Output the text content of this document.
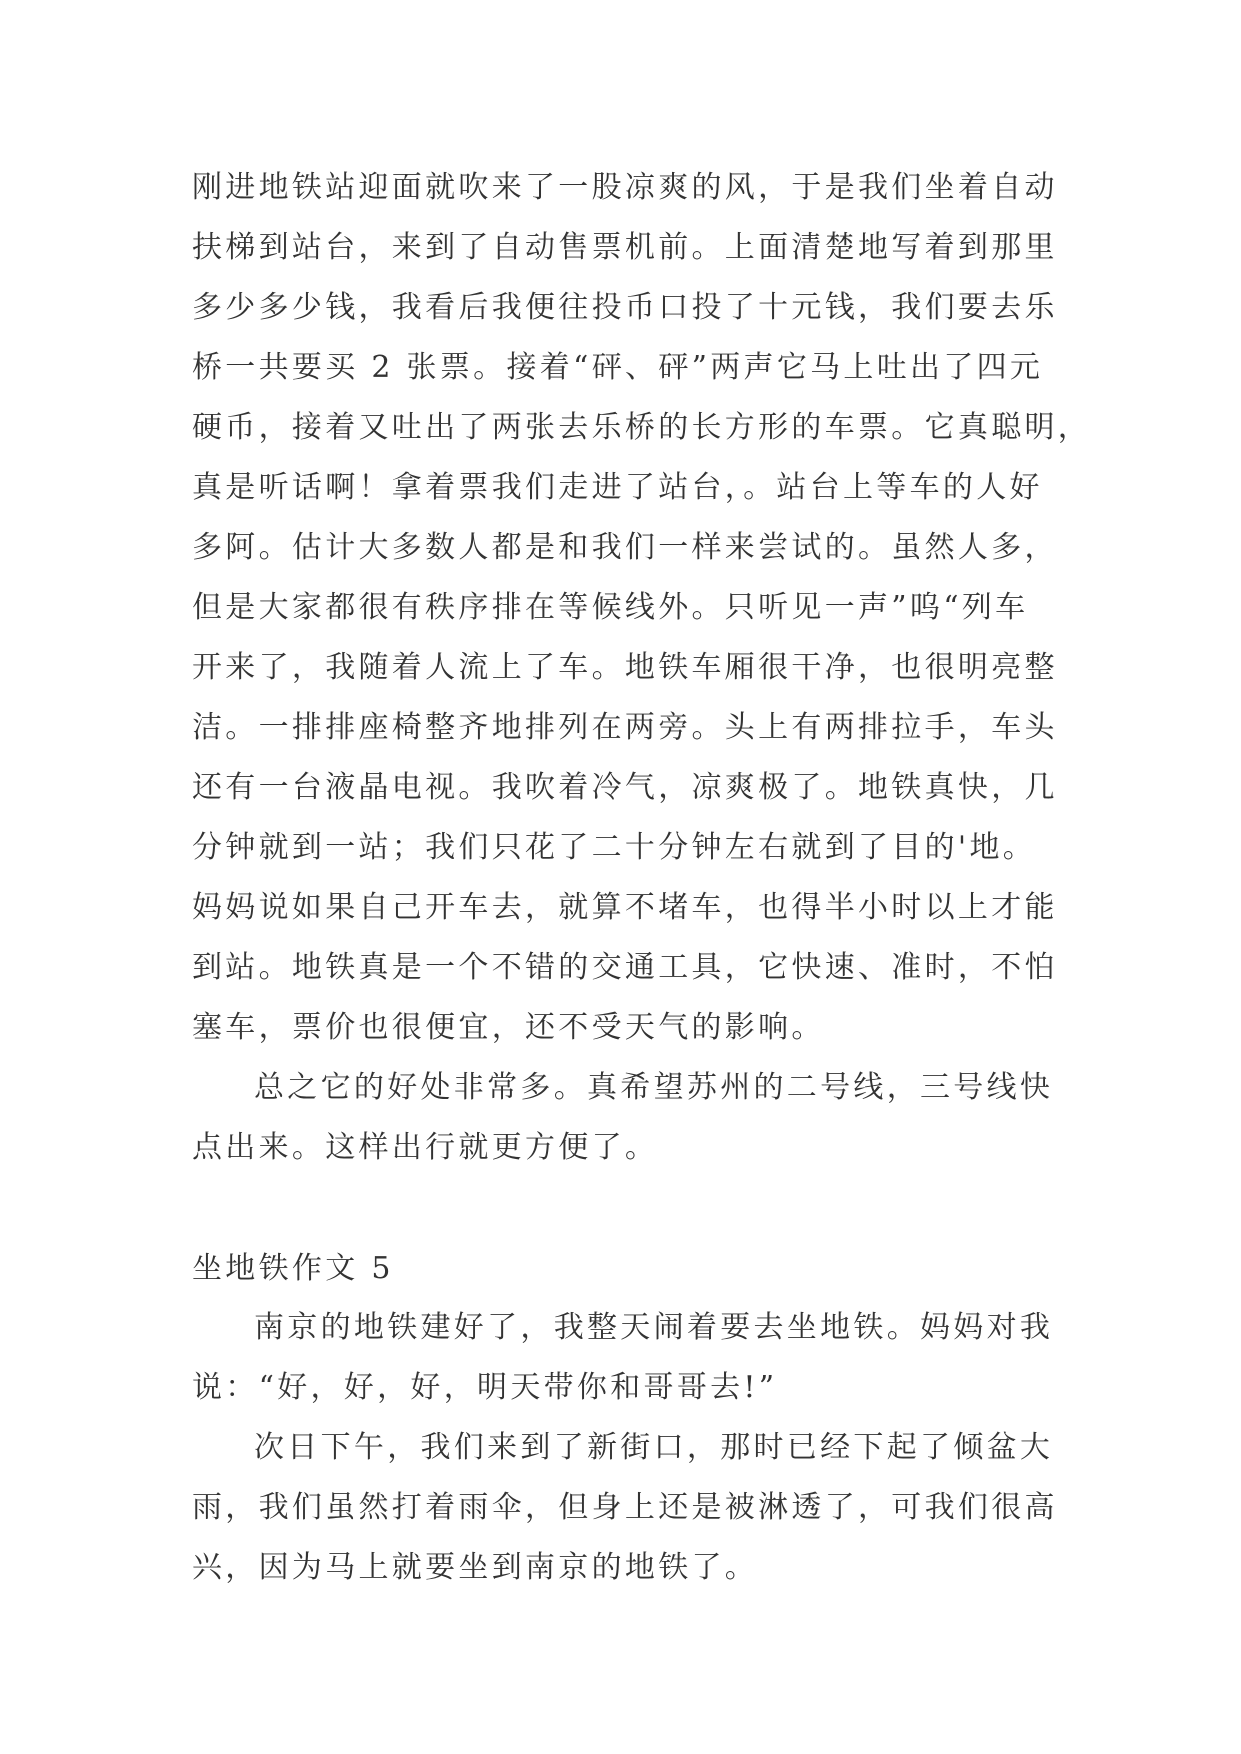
刚进地铁站迎面就吹来了一股凉爽的风，于是我们坐着自动
扶梯到站台，来到了自动售票机前。上面清楚地写着到那里
多少多少钱，我看后我便往投币口投了十元钱，我们要去乐
桥一共要买 2 张票。接着“砰、砰”两声它马上吐出了四元
硬币，接着又吐出了两张去乐桥的长方形的车票。它真聪明，
真是听话啊！拿着票我们走进了站台，。站台上等车的人好
多阿。估计大多数人都是和我们一样来尝试的。虽然人多，
但是大家都很有秩序排在等候线外。只听见一声”呜“列车
开来了，我随着人流上了车。地铁车厢很干净，也很明亮整
洁。一排排座椅整齐地排列在两旁。头上有两排拉手，车头
还有一台液晶电视。我吹着冷气，凉爽极了。地铁真快，几
分钟就到一站；我们只花了二十分钟左右就到了目的'地。
妈妈说如果自己开车去，就算不堵车，也得半小时以上才能
到站。地铁真是一个不错的交通工具，它快速、准时，不怕
塞车，票价也很便宜，还不受天气的影响。
总之它的好处非常多。真希望苏州的二号线，三号线快
点出来。这样出行就更方便了。
坐地铁作文 5
南京的地铁建好了，我整天闹着要去坐地铁。妈妈对我
说：“好，好，好，明天带你和哥哥去!”
次日下午，我们来到了新街口，那时已经下起了倾盆大
雨，我们虽然打着雨伞，但身上还是被淋透了，可我们很高
兴，因为马上就要坐到南京的地铁了。
